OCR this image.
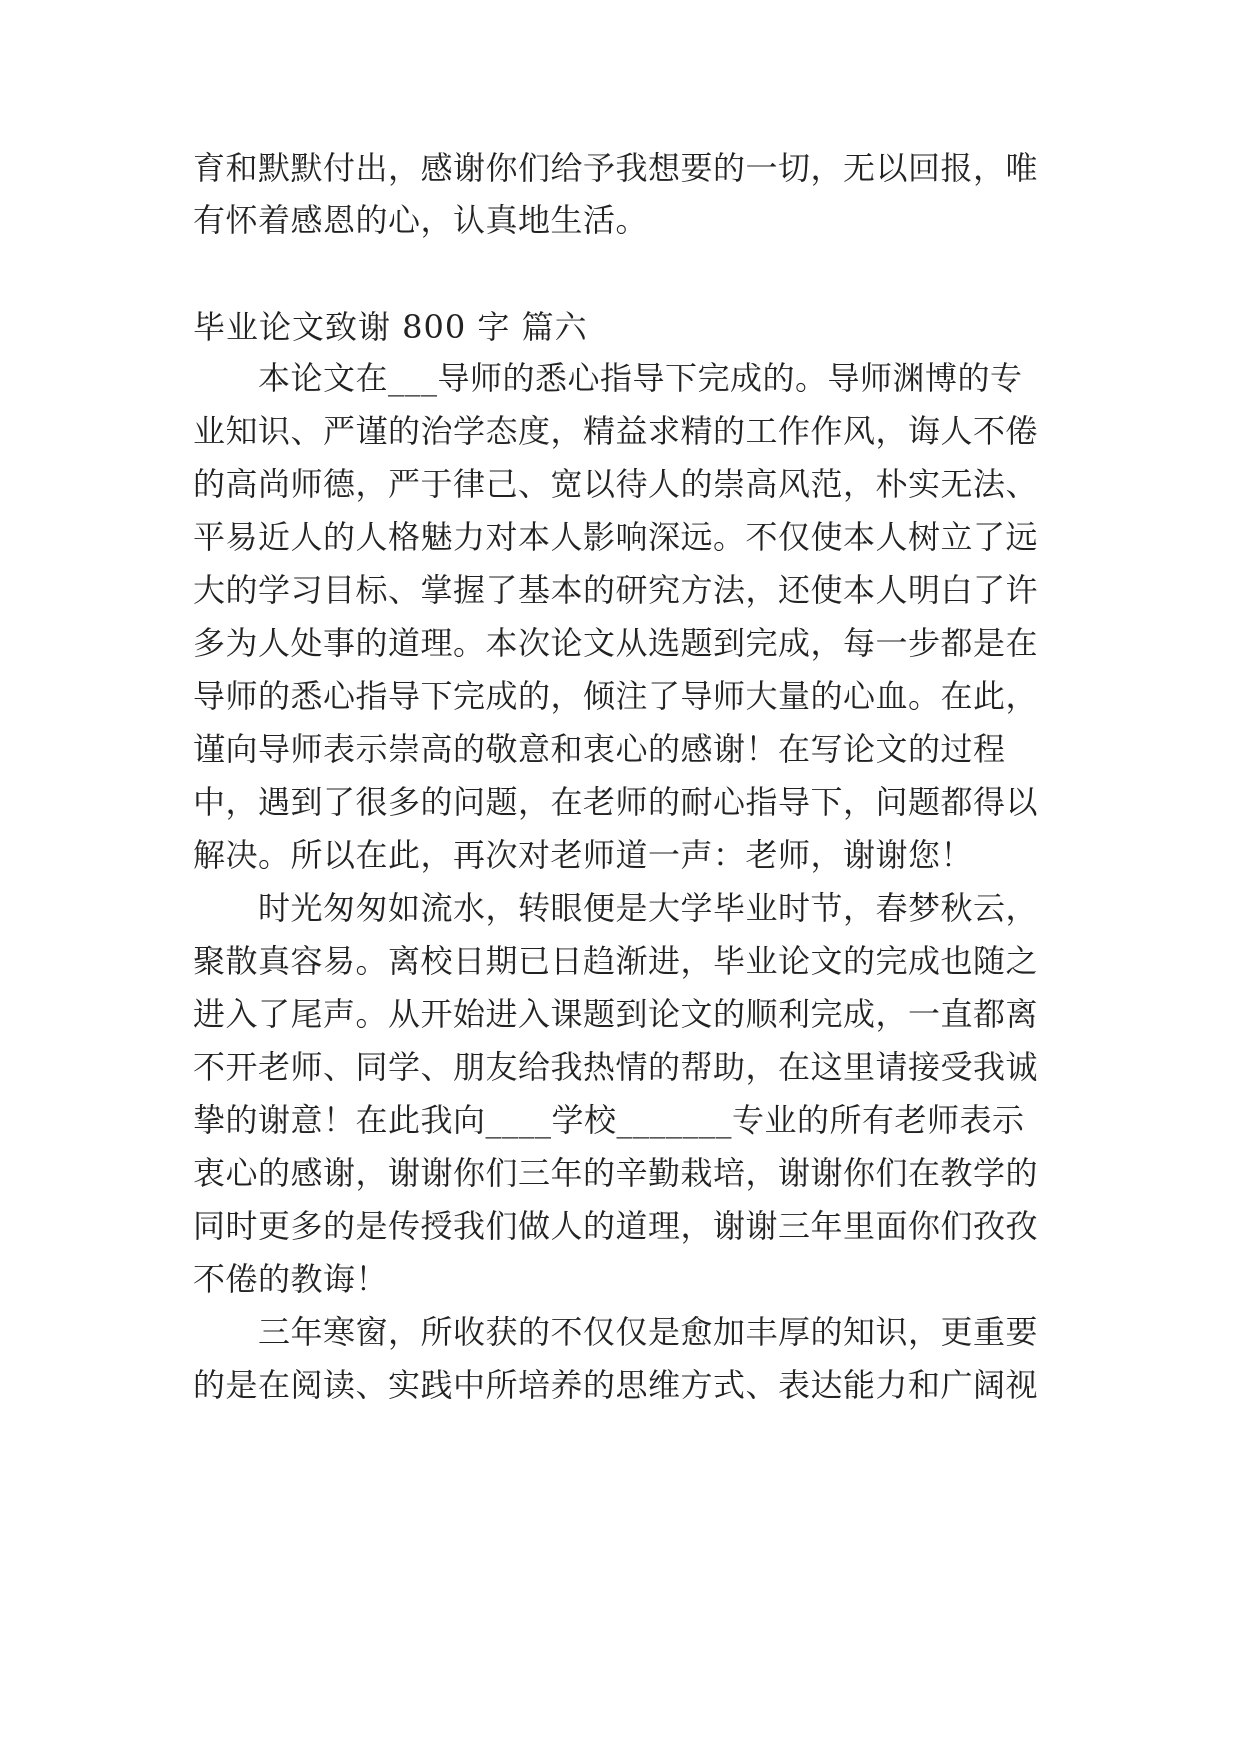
育和默默付出，感谢你们给予我想要的一切，无以回报，唯
有怀着感恩的心，认真地生活。
毕业论文致谢 800 字 篇六
　　本论文在___导师的悉心指导下完成的。导师渊博的专
业知识、严谨的治学态度，精益求精的工作作风，诲人不倦
的高尚师德，严于律己、宽以待人的崇高风范，朴实无法、
平易近人的人格魅力对本人影响深远。不仅使本人树立了远
大的学习目标、掌握了基本的研究方法，还使本人明白了许
多为人处事的道理。本次论文从选题到完成，每一步都是在
导师的悉心指导下完成的，倾注了导师大量的心血。在此，
谨向导师表示崇高的敬意和衷心的感谢！在写论文的过程
中，遇到了很多的问题，在老师的耐心指导下，问题都得以
解决。所以在此，再次对老师道一声：老师，谢谢您！
　　时光匆匆如流水，转眼便是大学毕业时节，春梦秋云，
聚散真容易。离校日期已日趋渐进，毕业论文的完成也随之
进入了尾声。从开始进入课题到论文的顺利完成，一直都离
不开老师、同学、朋友给我热情的帮助，在这里请接受我诚
挚的谢意！在此我向____学校_______专业的所有老师表示
衷心的感谢，谢谢你们三年的辛勤栽培，谢谢你们在教学的
同时更多的是传授我们做人的道理，谢谢三年里面你们孜孜
不倦的教诲！
　　三年寒窗，所收获的不仅仅是愈加丰厚的知识，更重要
的是在阅读、实践中所培养的思维方式、表达能力和广阔视
